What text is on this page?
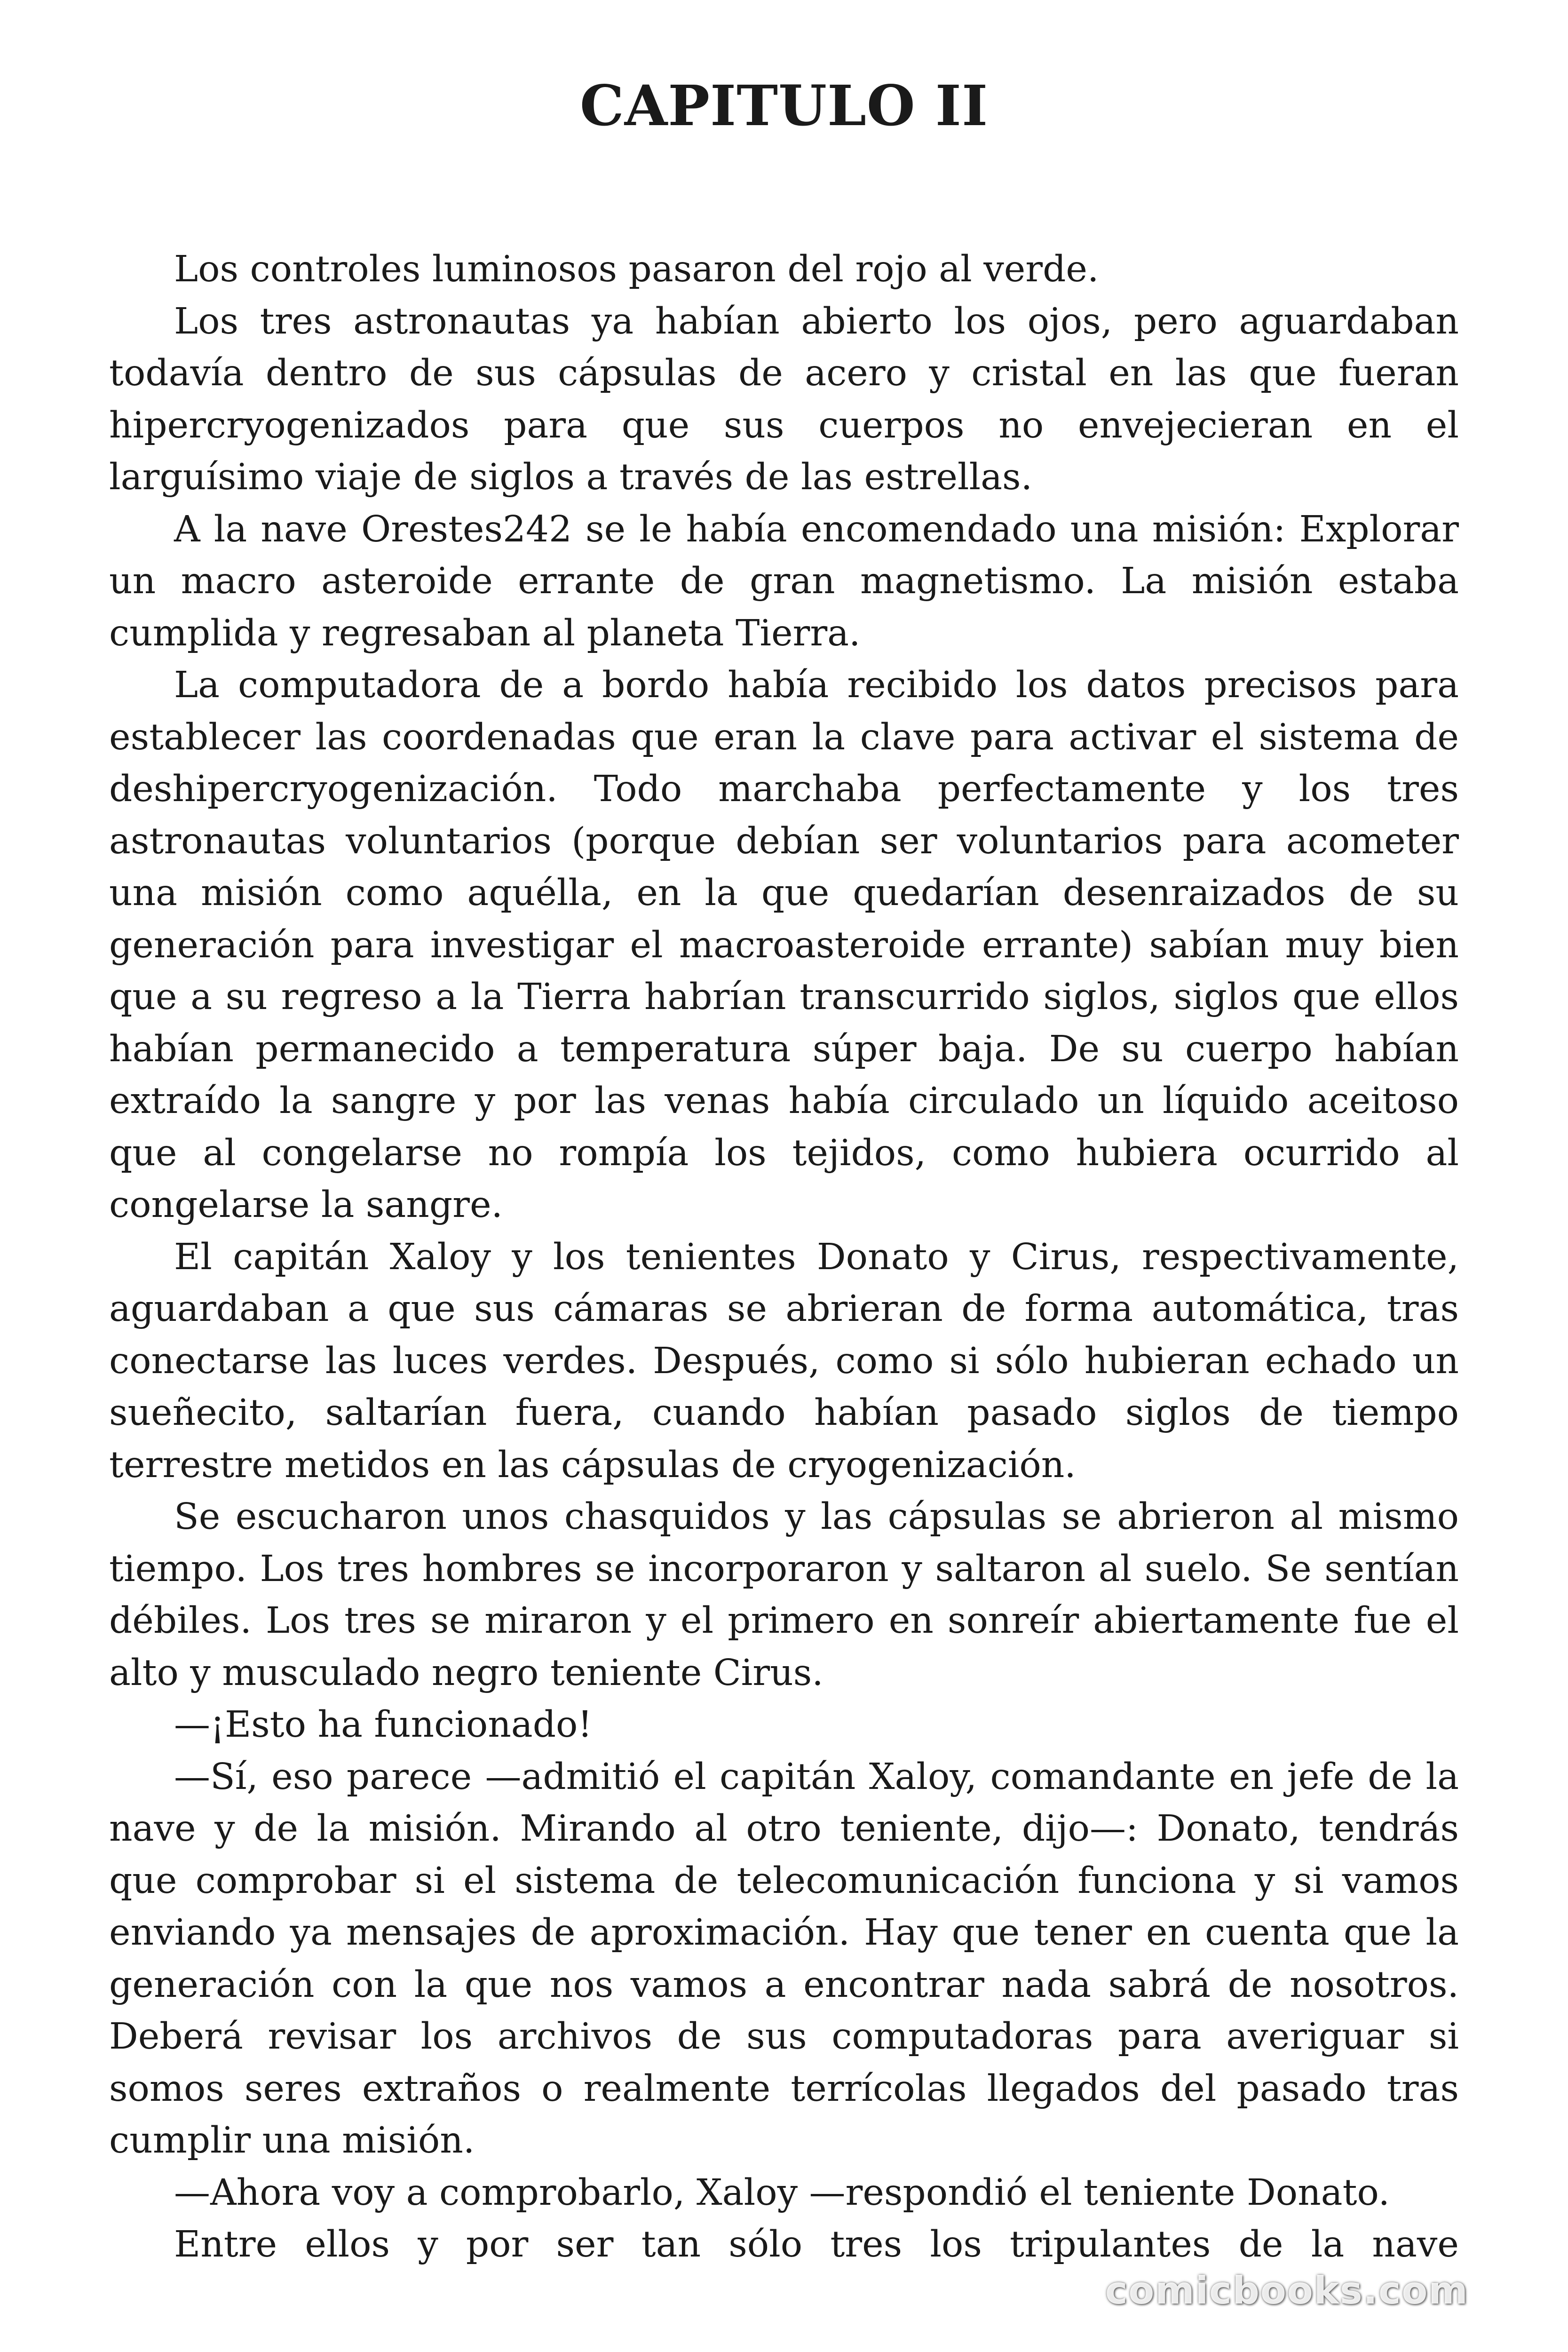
CAPITULO II

Los controles luminosos pasaron del rojo al verde.

Los tres astronautas ya habían abierto los ojos, pero aguardaban todavía dentro de sus cápsulas de acero y cristal en las que fueran hipercryogenizados para que sus cuerpos no envejecieran en el larguísimo viaje de siglos a través de las estrellas.

A la nave Orestes242 se le había encomendado una misión: Explorar un macro asteroide errante de gran magnetismo. La misión estaba cumplida y regresaban al planeta Tierra.

La computadora de a bordo había recibido los datos precisos para establecer las coordenadas que eran la clave para activar el sistema de deshipercryogenización. Todo marchaba perfectamente y los tres astronautas voluntarios (porque debían ser voluntarios para acometer una misión como aquélla, en la que quedarían desenraizados de su generación para investigar el macroasteroide errante) sabían muy bien que a su regreso a la Tierra habrían transcurrido siglos, siglos que ellos habían permanecido a temperatura súper baja. De su cuerpo habían extraído la sangre y por las venas había circulado un líquido aceitoso que al congelarse no rompía los tejidos, como hubiera ocurrido al congelarse la sangre.

El capitán Xaloy y los tenientes Donato y Cirus, respectivamente, aguardaban a que sus cámaras se abrieran de forma automática, tras conectarse las luces verdes. Después, como si sólo hubieran echado un sueñecito, saltarían fuera, cuando habían pasado siglos de tiempo terrestre metidos en las cápsulas de cryogenización.

Se escucharon unos chasquidos y las cápsulas se abrieron al mismo tiempo. Los tres hombres se incorporaron y saltaron al suelo. Se sentían débiles. Los tres se miraron y el primero en sonreír abiertamente fue el alto y musculado negro teniente Cirus.

—¡Esto ha funcionado!

—Sí, eso parece —admitió el capitán Xaloy, comandante en jefe de la nave y de la misión. Mirando al otro teniente, dijo—: Donato, tendrás que comprobar si el sistema de telecomunicación funciona y si vamos enviando ya mensajes de aproximación. Hay que tener en cuenta que la generación con la que nos vamos a encontrar nada sabrá de nosotros. Deberá revisar los archivos de sus computadoras para averiguar si somos seres extraños o realmente terrícolas llegados del pasado tras cumplir una misión.

—Ahora voy a comprobarlo, Xaloy —respondió el teniente Donato.

Entre ellos y por ser tan sólo tres los tripulantes de la nave

comicbooks.com
